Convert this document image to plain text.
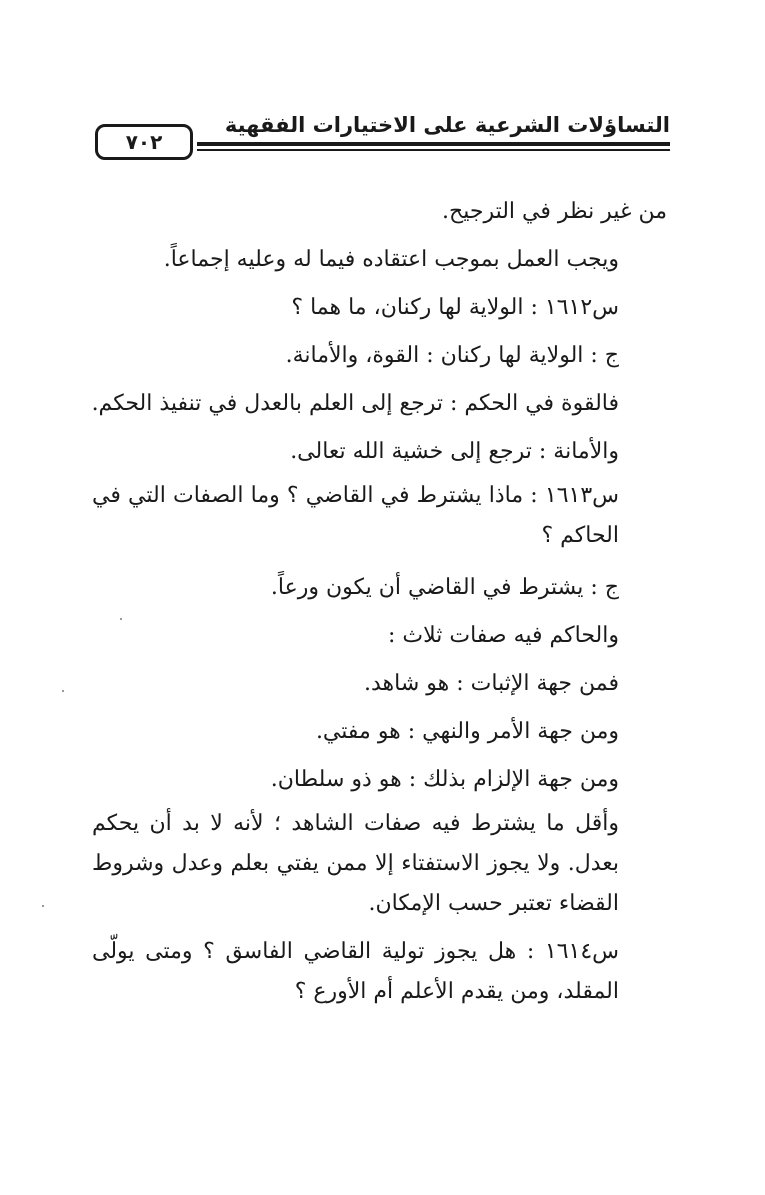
التساؤلات الشرعية على الاختيارات الفقهية
٧٠٢

من غير نظر في الترجيح.

ويجب العمل بموجب اعتقاده فيما له وعليه إجماعاً.

س١٦١٢ : الولاية لها ركنان، ما هما ؟

ج : الولاية لها ركنان : القوة، والأمانة.

فالقوة في الحكم : ترجع إلى العلم بالعدل في تنفيذ الحكم.

والأمانة : ترجع إلى خشية الله تعالى.

س١٦١٣ : ماذا يشترط في القاضي ؟ وما الصفات التي في الحاكم ؟

ج : يشترط في القاضي أن يكون ورعاً.

والحاكم فيه صفات ثلاث :

فمن جهة الإثبات : هو شاهد.

ومن جهة الأمر والنهي : هو مفتي.

ومن جهة الإلزام بذلك : هو ذو سلطان.

وأقل ما يشترط فيه صفات الشاهد ؛ لأنه لا بد أن يحكم بعدل. ولا يجوز الاستفتاء إلا ممن يفتي بعلم وعدل وشروط القضاء تعتبر حسب الإمكان.

س١٦١٤ : هل يجوز تولية القاضي الفاسق ؟ ومتى يولّى المقلد، ومن يقدم الأعلم أم الأورع ؟
